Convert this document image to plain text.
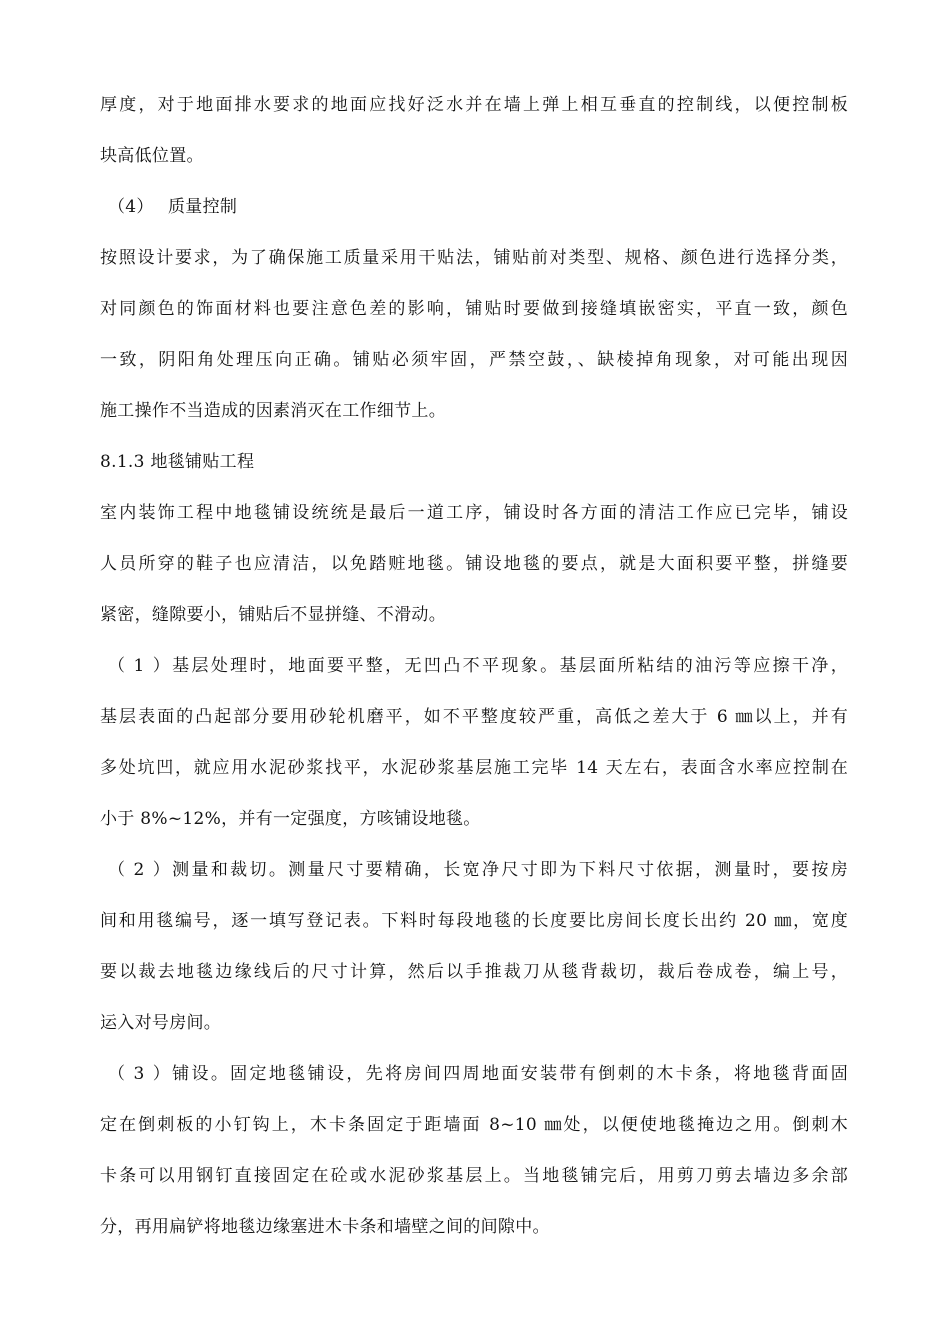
厚度，对于地面排水要求的地面应找好泛水并在墙上弹上相互垂直的控制线，以便控制板
块高低位置。
（4） 质量控制
按照设计要求，为了确保施工质量采用干贴法，铺贴前对类型、规格、颜色进行选择分类，
对同颜色的饰面材料也要注意色差的影响，铺贴时要做到接缝填嵌密实，平直一致，颜色
一致，阴阳角处理压向正确。铺贴必须牢固，严禁空鼓，、缺棱掉角现象，对可能出现因
施工操作不当造成的因素消灭在工作细节上。
8.1.3 地毯铺贴工程
室内装饰工程中地毯铺设统统是最后一道工序，铺设时各方面的清洁工作应已完毕，铺设
人员所穿的鞋子也应清洁，以免踏赃地毯。铺设地毯的要点，就是大面积要平整，拼缝要
紧密，缝隙要小，铺贴后不显拼缝、不滑动。
（1）基层处理时，地面要平整，无凹凸不平现象。基层面所粘结的油污等应擦干净，
基层表面的凸起部分要用砂轮机磨平，如不平整度较严重，高低之差大于 6 ㎜以上，并有
多处坑凹，就应用水泥砂浆找平，水泥砂浆基层施工完毕 14 天左右，表面含水率应控制在
小于 8%~12%，并有一定强度，方咳铺设地毯。
（2）测量和裁切。测量尺寸要精确，长宽净尺寸即为下料尺寸依据，测量时，要按房
间和用毯编号，逐一填写登记表。下料时每段地毯的长度要比房间长度长出约 20 ㎜，宽度
要以裁去地毯边缘线后的尺寸计算，然后以手推裁刀从毯背裁切，裁后卷成卷，编上号，
运入对号房间。
（3）铺设。固定地毯铺设，先将房间四周地面安装带有倒刺的木卡条，将地毯背面固
定在倒刺板的小钉钩上，木卡条固定于距墙面 8~10 ㎜处，以便使地毯掩边之用。倒刺木
卡条可以用钢钉直接固定在砼或水泥砂浆基层上。当地毯铺完后，用剪刀剪去墙边多余部
分，再用扁铲将地毯边缘塞进木卡条和墙壁之间的间隙中。
